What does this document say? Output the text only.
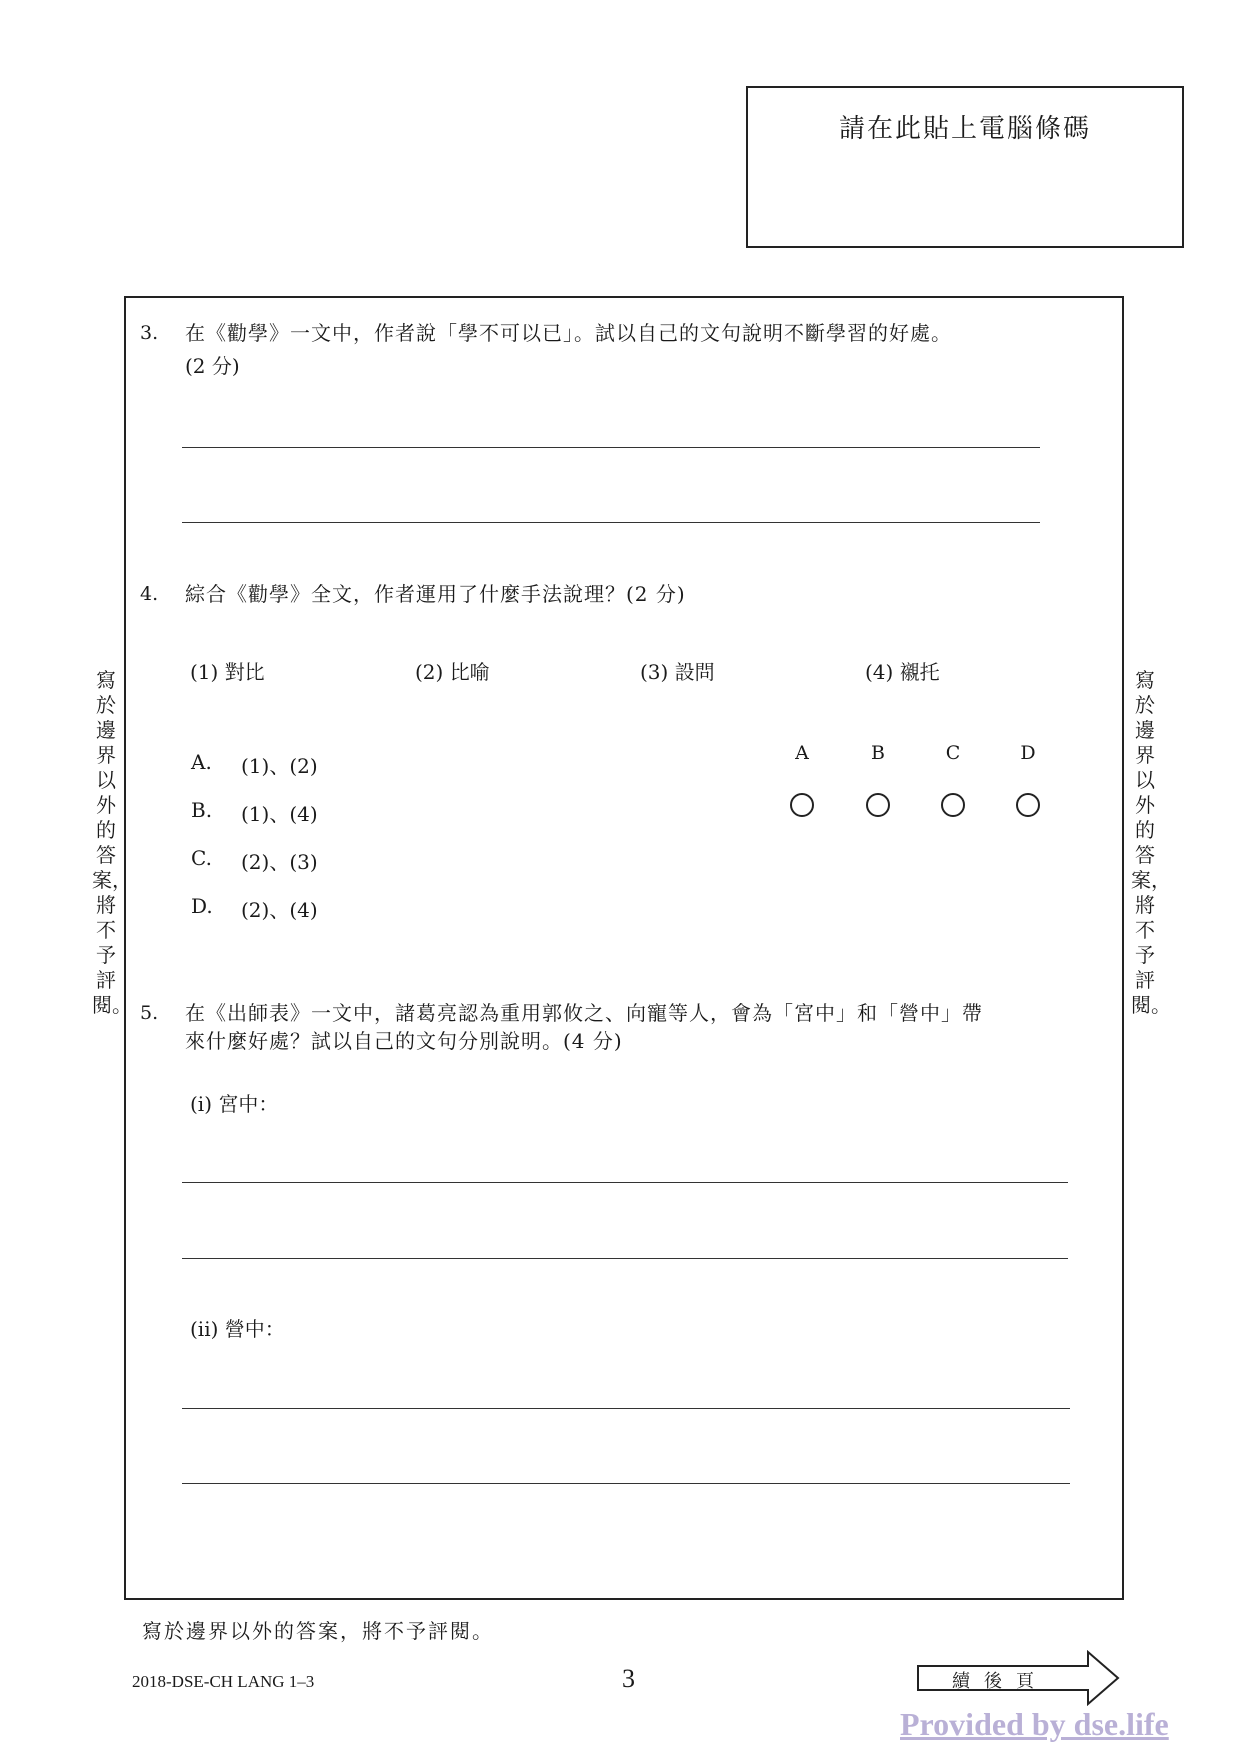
請在此貼上電腦條碼
寫於邊界以外的答案，將不予評閱。
寫於邊界以外的答案，將不予評閱。
3. 在《勸學》一文中，作者說「學不可以已」。試以自己的文句說明不斷學習的好處。
(2 分)
4. 綜合《勸學》全文，作者運用了什麼手法說理？(2 分)
(1) 對比	(2) 比喻	(3) 設問	(4) 襯托
A. (1)、(2)
B. (1)、(4)
C. (2)、(3)
D. (2)、(4)
A	B	C	D
5. 在《出師表》一文中，諸葛亮認為重用郭攸之、向寵等人，會為「宮中」和「營中」帶
來什麼好處？試以自己的文句分別說明。(4 分)
(i) 宮中：
(ii) 營中：
寫於邊界以外的答案，將不予評閱。
2018-DSE-CH LANG 1–3	3	續後頁
Provided by dse.life
